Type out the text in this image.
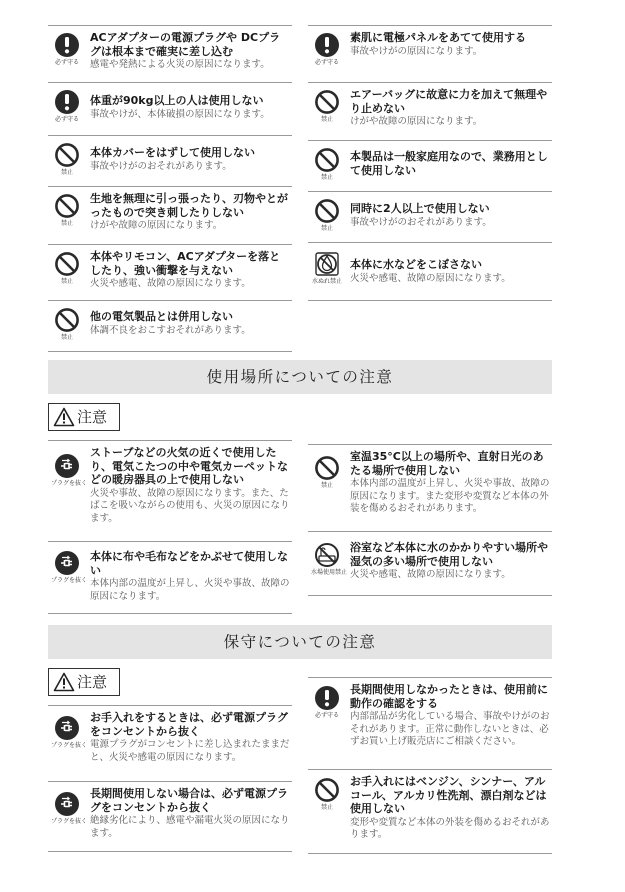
必ず守る
ACアダプターの電源プラグや DCプラグは根本まで確実に差し込む
感電や発熱による火災の原因になります。
必ず守る
体重が90kg以上の人は使用しない
事故やけが、本体破損の原因になります。
禁止
本体カバーをはずして使用しない
事故やけがのおそれがあります。
禁止
生地を無理に引っ張ったり、刃物やとがったもので突き刺したりしない
けがや故障の原因になります。
禁止
本体やリモコン、ACアダプターを落としたり、強い衝撃を与えない
火災や感電、故障の原因になります。
禁止
他の電気製品とは併用しない
体調不良をおこすおそれがあります。
必ず守る
素肌に電極パネルをあてて使用する
事故やけがの原因になります。
禁止
エアーバッグに故意に力を加えて無理やり止めない
けがや故障の原因になります。
禁止
本製品は一般家庭用なので、業務用として使用しない
禁止
同時に2人以上で使用しない
事故やけがのおそれがあります。
水ぬれ禁止
本体に水などをこぼさない
火災や感電、故障の原因になります。
使用場所についての注意
注意
プラグを抜く
ストーブなどの火気の近くで使用したり、電気こたつの中や電気カーペットなどの暖房器具の上で使用しない
火災や事故、故障の原因になります。また、たばこを吸いながらの使用も、火災の原因になります。
プラグを抜く
本体に布や毛布などをかぶせて使用しない
本体内部の温度が上昇し、火災や事故、故障の原因になります。
禁止
室温35°C以上の場所や、直射日光のあたる場所で使用しない
本体内部の温度が上昇し、火災や事故、故障の原因になります。また変形や変質など本体の外装を傷めるおそれがあります。
水場使用禁止
浴室など本体に水のかかりやすい場所や湿気の多い場所で使用しない
火災や感電、故障の原因になります。
保守についての注意
注意
プラグを抜く
お手入れをするときは、必ず電源プラグをコンセントから抜く
電源プラグがコンセントに差し込まれたままだと、火災や感電の原因になります。
プラグを抜く
長期間使用しない場合は、必ず電源プラグをコンセントから抜く
絶縁劣化により、感電や漏電火災の原因になります。
必ず守る
長期間使用しなかったときは、使用前に動作の確認をする
内部部品が劣化している場合、事故やけがのおそれがあります。正常に動作しないときは、必ずお買い上げ販売店にご相談ください。
禁止
お手入れにはベンジン、シンナー、アルコール、アルカリ性洗剤、漂白剤などは使用しない
変形や変質など本体の外装を傷めるおそれがあります。
